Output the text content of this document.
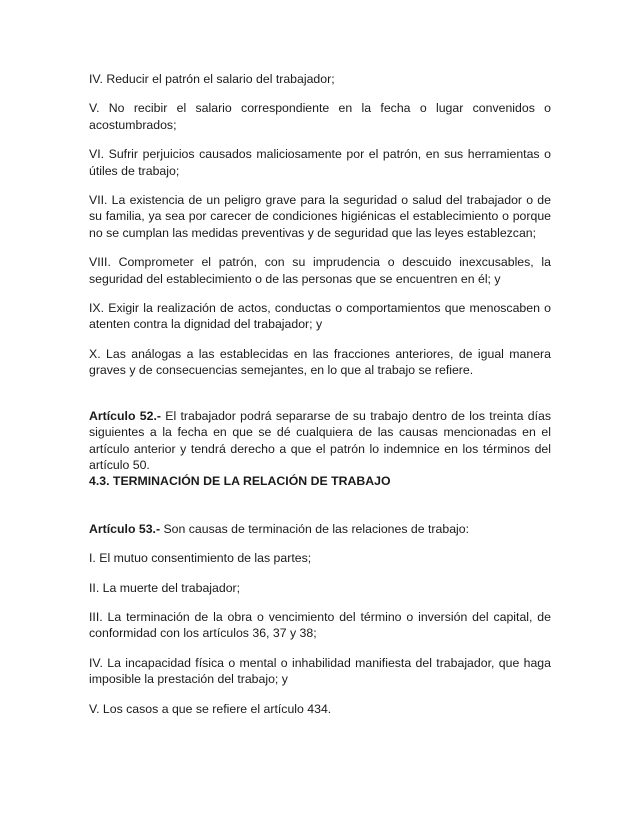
IV. Reducir el patrón el salario del trabajador;

V. No recibir el salario correspondiente en la fecha o lugar convenidos o acostumbrados;

VI. Sufrir perjuicios causados maliciosamente por el patrón, en sus herramientas o útiles de trabajo;

VII. La existencia de un peligro grave para la seguridad o salud del trabajador o de su familia, ya sea por carecer de condiciones higiénicas el establecimiento o porque no se cumplan las medidas preventivas y de seguridad que las leyes establezcan;

VIII. Comprometer el patrón, con su imprudencia o descuido inexcusables, la seguridad del establecimiento o de las personas que se encuentren en él; y

IX. Exigir la realización de actos, conductas o comportamientos que menoscaben o atenten contra la dignidad del trabajador; y

X. Las análogas a las establecidas en las fracciones anteriores, de igual manera graves y de consecuencias semejantes, en lo que al trabajo se refiere.

Artículo 52.- El trabajador podrá separarse de su trabajo dentro de los treinta días siguientes a la fecha en que se dé cualquiera de las causas mencionadas en el artículo anterior y tendrá derecho a que el patrón lo indemnice en los términos del artículo 50.

4.3. TERMINACIÓN DE LA RELACIÓN DE TRABAJO

Artículo 53.- Son causas de terminación de las relaciones de trabajo:

I. El mutuo consentimiento de las partes;

II. La muerte del trabajador;

III. La terminación de la obra o vencimiento del término o inversión del capital, de conformidad con los artículos 36, 37 y 38;

IV. La incapacidad física o mental o inhabilidad manifiesta del trabajador, que haga imposible la prestación del trabajo; y

V. Los casos a que se refiere el artículo 434.
